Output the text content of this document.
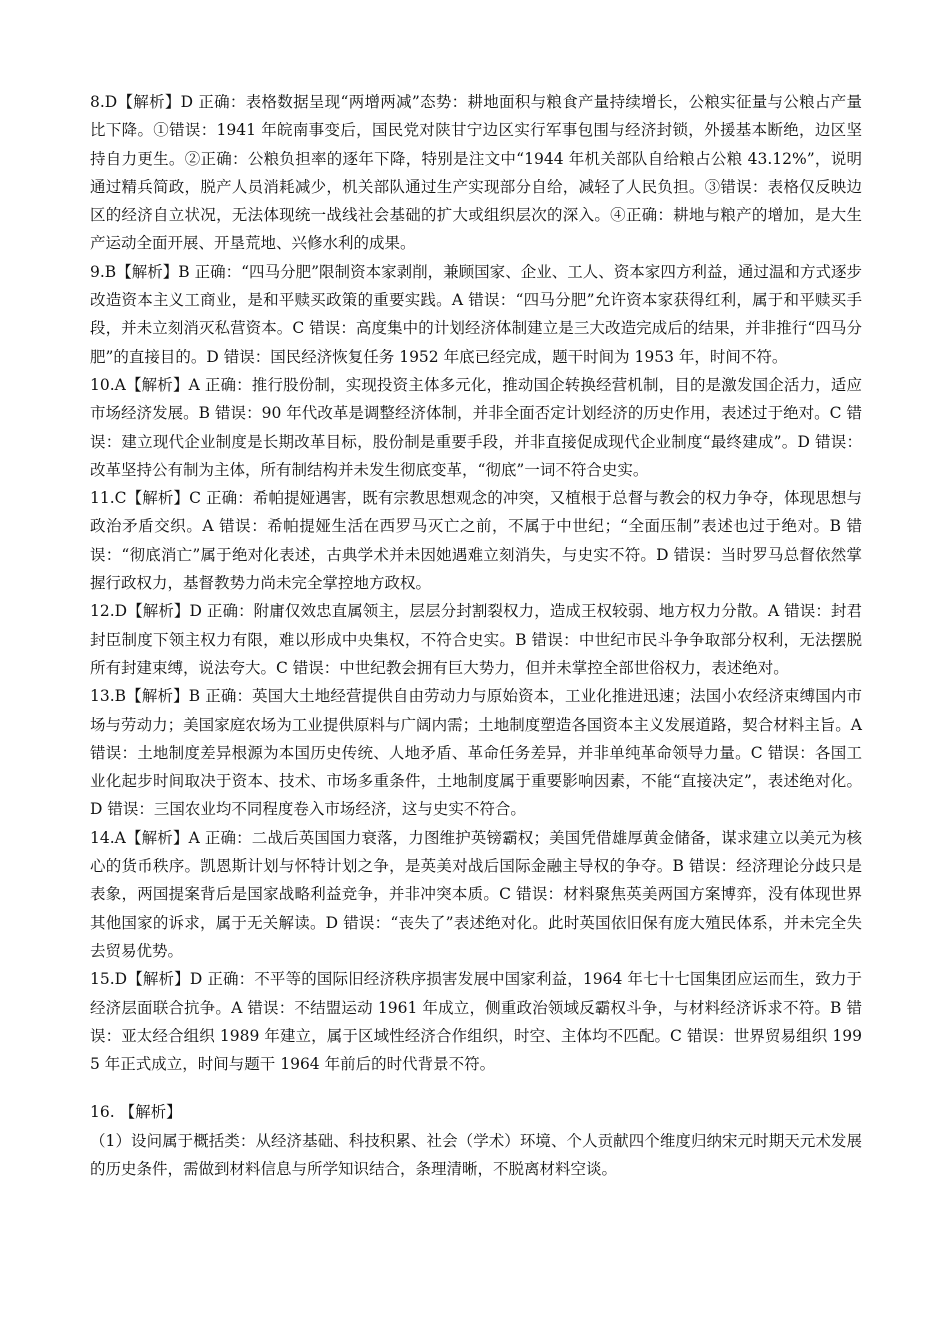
8.D【解析】D 正确：表格数据呈现“两增两减”态势：耕地面积与粮食产量持续增长，公粮实征量与公粮占产量比下降。①错误：1941 年皖南事变后，国民党对陕甘宁边区实行军事包围与经济封锁，外援基本断绝，边区坚持自力更生。②正确：公粮负担率的逐年下降，特别是注文中“1944 年机关部队自给粮占公粮 43.12%”，说明通过精兵简政，脱产人员消耗减少，机关部队通过生产实现部分自给，减轻了人民负担。③错误：表格仅反映边区的经济自立状况，无法体现统一战线社会基础的扩大或组织层次的深入。④正确：耕地与粮产的增加，是大生产运动全面开展、开垦荒地、兴修水利的成果。

9.B【解析】B 正确：“四马分肥”限制资本家剥削，兼顾国家、企业、工人、资本家四方利益，通过温和方式逐步改造资本主义工商业，是和平赎买政策的重要实践。A 错误：“四马分肥”允许资本家获得红利，属于和平赎买手段，并未立刻消灭私营资本。C 错误：高度集中的计划经济体制建立是三大改造完成后的结果，并非推行“四马分肥”的直接目的。D 错误：国民经济恢复任务 1952 年底已经完成，题干时间为 1953 年，时间不符。

10.A【解析】A 正确：推行股份制，实现投资主体多元化，推动国企转换经营机制，目的是激发国企活力，适应市场经济发展。B 错误：90 年代改革是调整经济体制，并非全面否定计划经济的历史作用，表述过于绝对。C 错误：建立现代企业制度是长期改革目标，股份制是重要手段，并非直接促成现代企业制度“最终建成”。D 错误：改革坚持公有制为主体，所有制结构并未发生彻底变革，“彻底”一词不符合史实。

11.C【解析】C 正确：希帕提娅遇害，既有宗教思想观念的冲突，又植根于总督与教会的权力争夺，体现思想与政治矛盾交织。A 错误：希帕提娅生活在西罗马灭亡之前，不属于中世纪；“全面压制”表述也过于绝对。B 错误：“彻底消亡”属于绝对化表述，古典学术并未因她遇难立刻消失，与史实不符。D 错误：当时罗马总督依然掌握行政权力，基督教势力尚未完全掌控地方政权。

12.D【解析】D 正确：附庸仅效忠直属领主，层层分封割裂权力，造成王权较弱、地方权力分散。A 错误：封君封臣制度下领主权力有限，难以形成中央集权，不符合史实。B 错误：中世纪市民斗争争取部分权利，无法摆脱所有封建束缚，说法夸大。C 错误：中世纪教会拥有巨大势力，但并未掌控全部世俗权力，表述绝对。

13.B【解析】B 正确：英国大土地经营提供自由劳动力与原始资本，工业化推进迅速；法国小农经济束缚国内市场与劳动力；美国家庭农场为工业提供原料与广阔内需；土地制度塑造各国资本主义发展道路，契合材料主旨。A 错误：土地制度差异根源为本国历史传统、人地矛盾、革命任务差异，并非单纯革命领导力量。C 错误：各国工业化起步时间取决于资本、技术、市场多重条件，土地制度属于重要影响因素，不能“直接决定”，表述绝对化。D 错误：三国农业均不同程度卷入市场经济，这与史实不符合。

14.A【解析】A 正确：二战后英国国力衰落，力图维护英镑霸权；美国凭借雄厚黄金储备，谋求建立以美元为核心的货币秩序。凯恩斯计划与怀特计划之争，是英美对战后国际金融主导权的争夺。B 错误：经济理论分歧只是表象，两国提案背后是国家战略利益竞争，并非冲突本质。C 错误：材料聚焦英美两国方案博弈，没有体现世界其他国家的诉求，属于无关解读。D 错误：“丧失了”表述绝对化。此时英国依旧保有庞大殖民体系，并未完全失去贸易优势。

15.D【解析】D 正确：不平等的国际旧经济秩序损害发展中国家利益，1964 年七十七国集团应运而生，致力于经济层面联合抗争。A 错误：不结盟运动 1961 年成立，侧重政治领域反霸权斗争，与材料经济诉求不符。B 错误：亚太经合组织 1989 年建立，属于区域性经济合作组织，时空、主体均不匹配。C 错误：世界贸易组织 1995 年正式成立，时间与题干 1964 年前后的时代背景不符。

16. 【解析】

（1）设问属于概括类：从经济基础、科技积累、社会（学术）环境、个人贡献四个维度归纳宋元时期天元术发展的历史条件，需做到材料信息与所学知识结合，条理清晰，不脱离材料空谈。
